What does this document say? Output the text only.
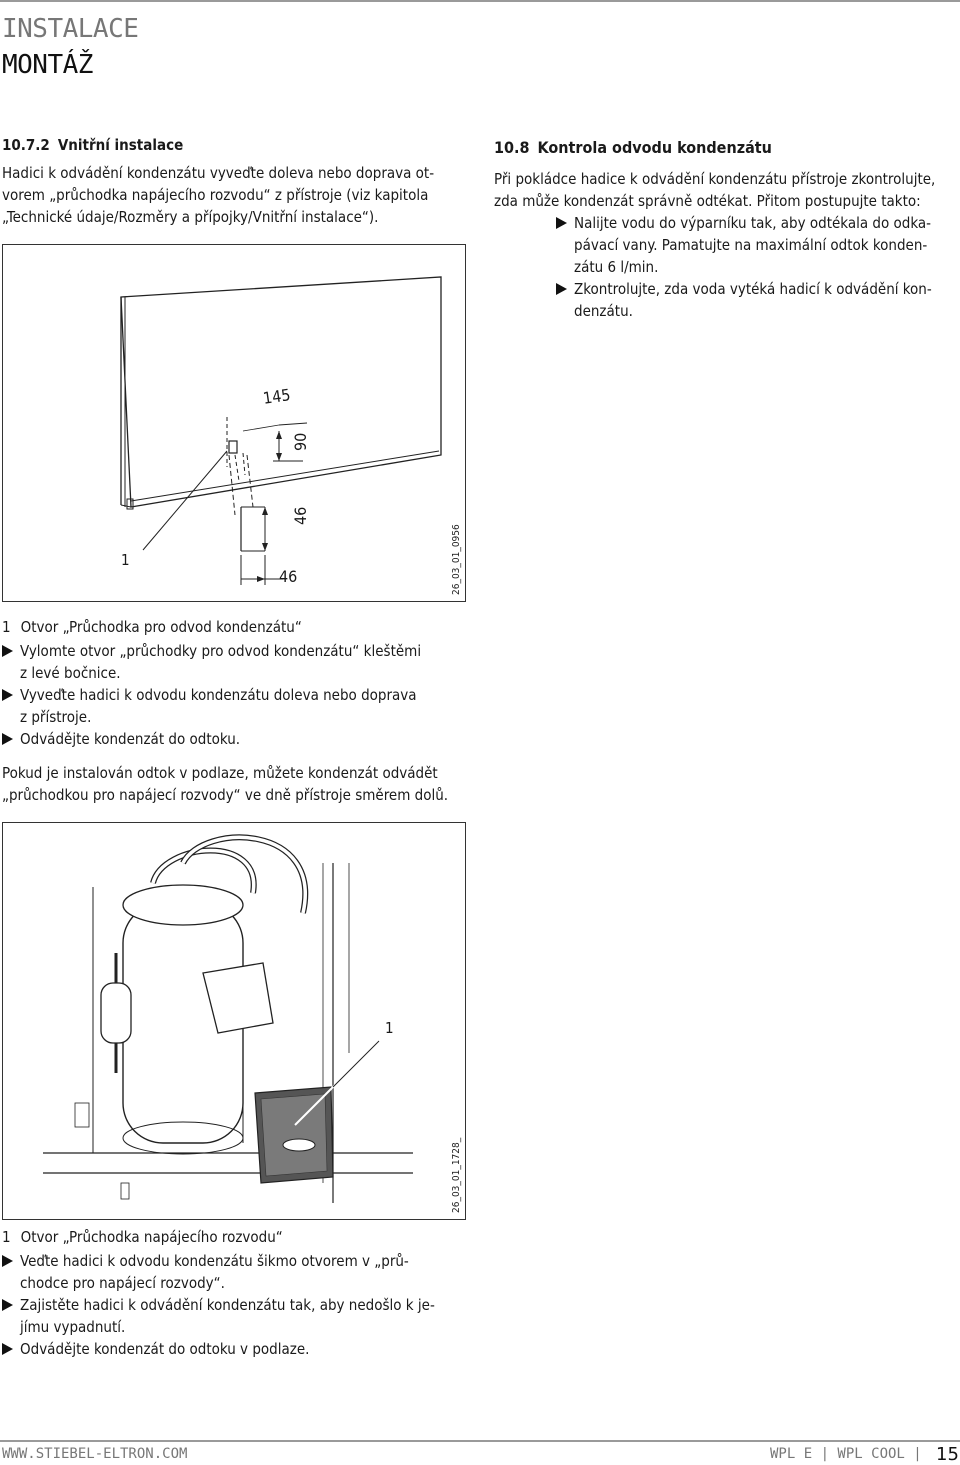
INSTALACE
MONTÁŽ
10.7.2 Vnitřní instalace
Hadici k odvádění kondenzátu vyveďte doleva nebo doprava ot-
vorem „průchodka napájecího rozvodu“ z přístroje (viz kapitola
„Technické údaje/Rozměry a přípojky/Vnitřní instalace“).
145
90
46
46
1	26_03_01_0956
1 Otvor „Průchodka pro odvod kondenzátu“
Vylomte otvor „průchodky pro odvod kondenzátu“ kleštěmi
z levé bočnice.
Vyveďte hadici k odvodu kondenzátu doleva nebo doprava
z přístroje.
Odvádějte kondenzát do odtoku.
Pokud je instalován odtok v podlaze, můžete kondenzát odvádět
„průchodkou pro napájecí rozvody“ ve dně přístroje směrem dolů.
1
26_03_01_1728_
1 Otvor „Průchodka napájecího rozvodu“
Veďte hadici k odvodu kondenzátu šikmo otvorem v „prů-
chodce pro napájecí rozvody“.
Zajistěte hadici k odvádění kondenzátu tak, aby nedošlo k je-
jímu vypadnutí.
Odvádějte kondenzát do odtoku v podlaze.
10.8 Kontrola odvodu kondenzátu
Při pokládce hadice k odvádění kondenzátu přístroje zkontrolujte,
zda může kondenzát správně odtékat. Přitom postupujte takto:
Nalijte vodu do výparníku tak, aby odtékala do odka-
pávací vany. Pamatujte na maximální odtok konden-
zátu 6 l/min.
Zkontrolujte, zda voda vytéká hadicí k odvádění kon-
denzátu.
WWW.STIEBEL-ELTRON.COM	WPL E | WPL COOL | 15
